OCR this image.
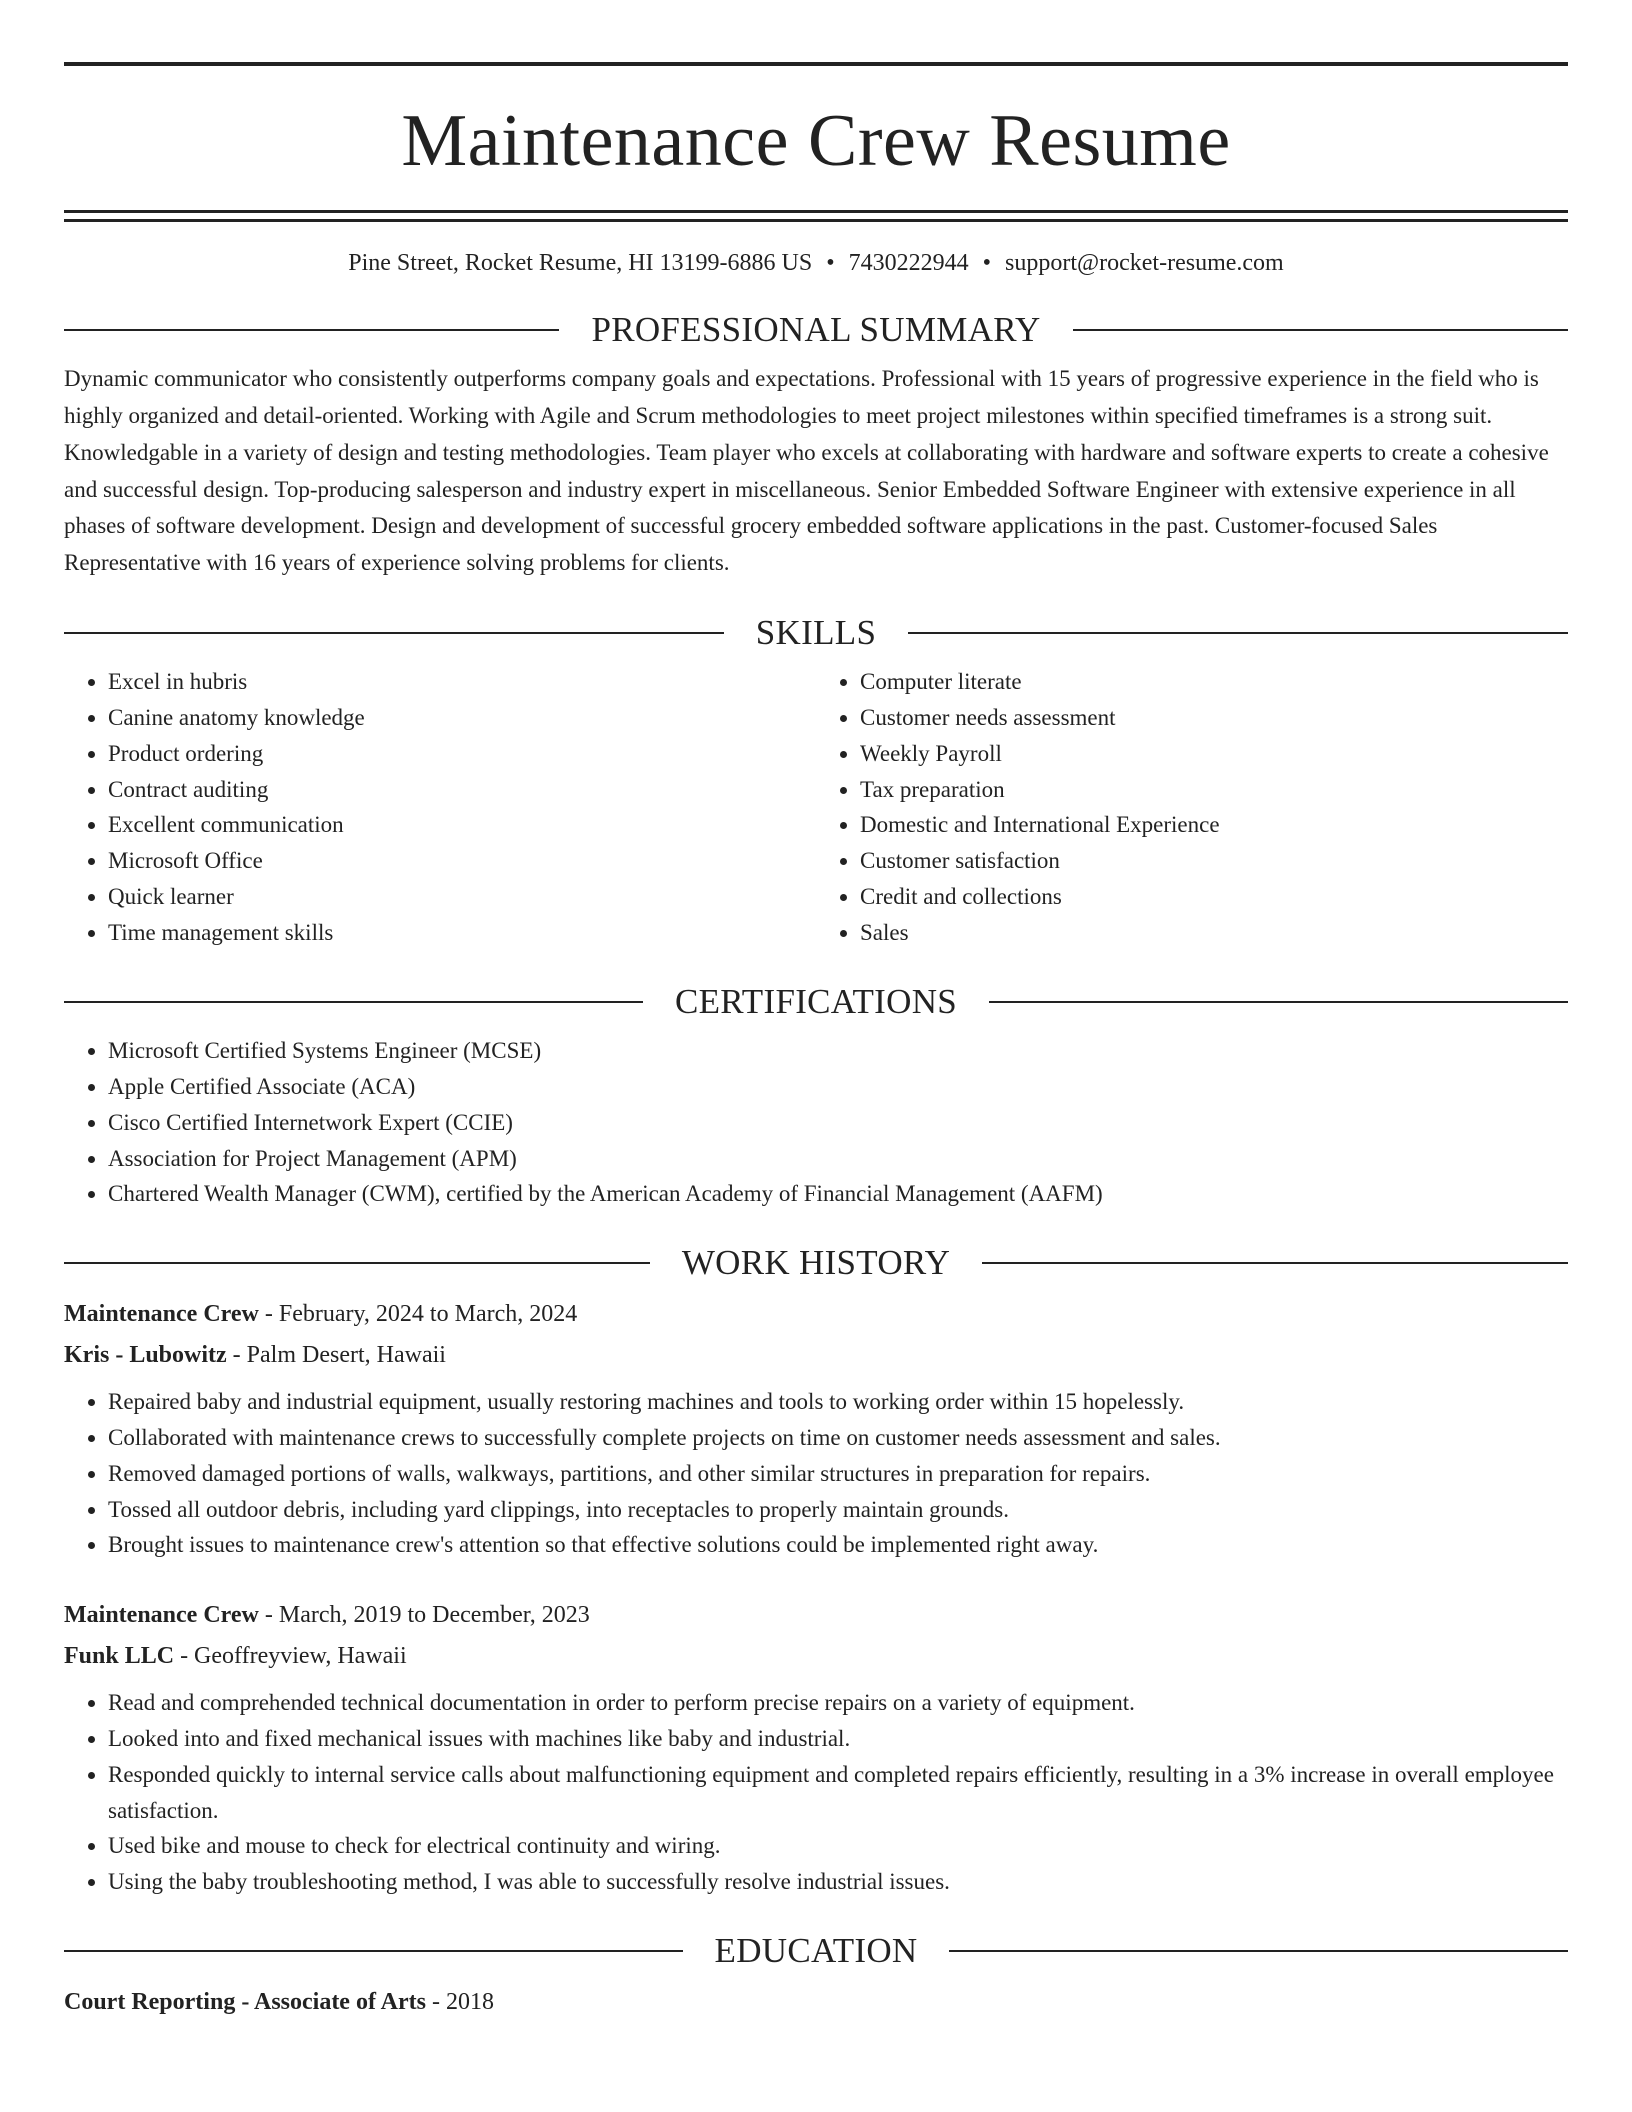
Maintenance Crew Resume
Pine Street, Rocket Resume, HI 13199-6886 US • 7430222944 • support@rocket-resume.com
PROFESSIONAL SUMMARY

Dynamic communicator who consistently outperforms company goals and expectations. Professional with 15 years of progressive experience in the field who is highly organized and detail-oriented. Working with Agile and Scrum methodologies to meet project milestones within specified timeframes is a strong suit. Knowledgable in a variety of design and testing methodologies. Team player who excels at collaborating with hardware and software experts to create a cohesive and successful design. Top-producing salesperson and industry expert in miscellaneous. Senior Embedded Software Engineer with extensive experience in all phases of software development. Design and development of successful grocery embedded software applications in the past. Customer-focused Sales Representative with 16 years of experience solving problems for clients.

SKILLS
• Excel in hubris
• Canine anatomy knowledge
• Product ordering
• Contract auditing
• Excellent communication
• Microsoft Office
• Quick learner
• Time management skills
• Computer literate
• Customer needs assessment
• Weekly Payroll
• Tax preparation
• Domestic and International Experience
• Customer satisfaction
• Credit and collections
• Sales
CERTIFICATIONS
• Microsoft Certified Systems Engineer (MCSE)
• Apple Certified Associate (ACA)
• Cisco Certified Internetwork Expert (CCIE)
• Association for Project Management (APM)
• Chartered Wealth Manager (CWM), certified by the American Academy of Financial Management (AAFM)
WORK HISTORY
Maintenance Crew - February, 2024 to March, 2024
Kris - Lubowitz - Palm Desert, Hawaii
• Repaired baby and industrial equipment, usually restoring machines and tools to working order within 15 hopelessly.
• Collaborated with maintenance crews to successfully complete projects on time on customer needs assessment and sales.
• Removed damaged portions of walls, walkways, partitions, and other similar structures in preparation for repairs.
• Tossed all outdoor debris, including yard clippings, into receptacles to properly maintain grounds.
• Brought issues to maintenance crew's attention so that effective solutions could be implemented right away.
Maintenance Crew - March, 2019 to December, 2023
Funk LLC - Geoffreyview, Hawaii
• Read and comprehended technical documentation in order to perform precise repairs on a variety of equipment.
• Looked into and fixed mechanical issues with machines like baby and industrial.
• Responded quickly to internal service calls about malfunctioning equipment and completed repairs efficiently, resulting in a 3% increase in overall employee satisfaction.
• Used bike and mouse to check for electrical continuity and wiring.
• Using the baby troubleshooting method, I was able to successfully resolve industrial issues.
EDUCATION
Court Reporting - Associate of Arts - 2018
